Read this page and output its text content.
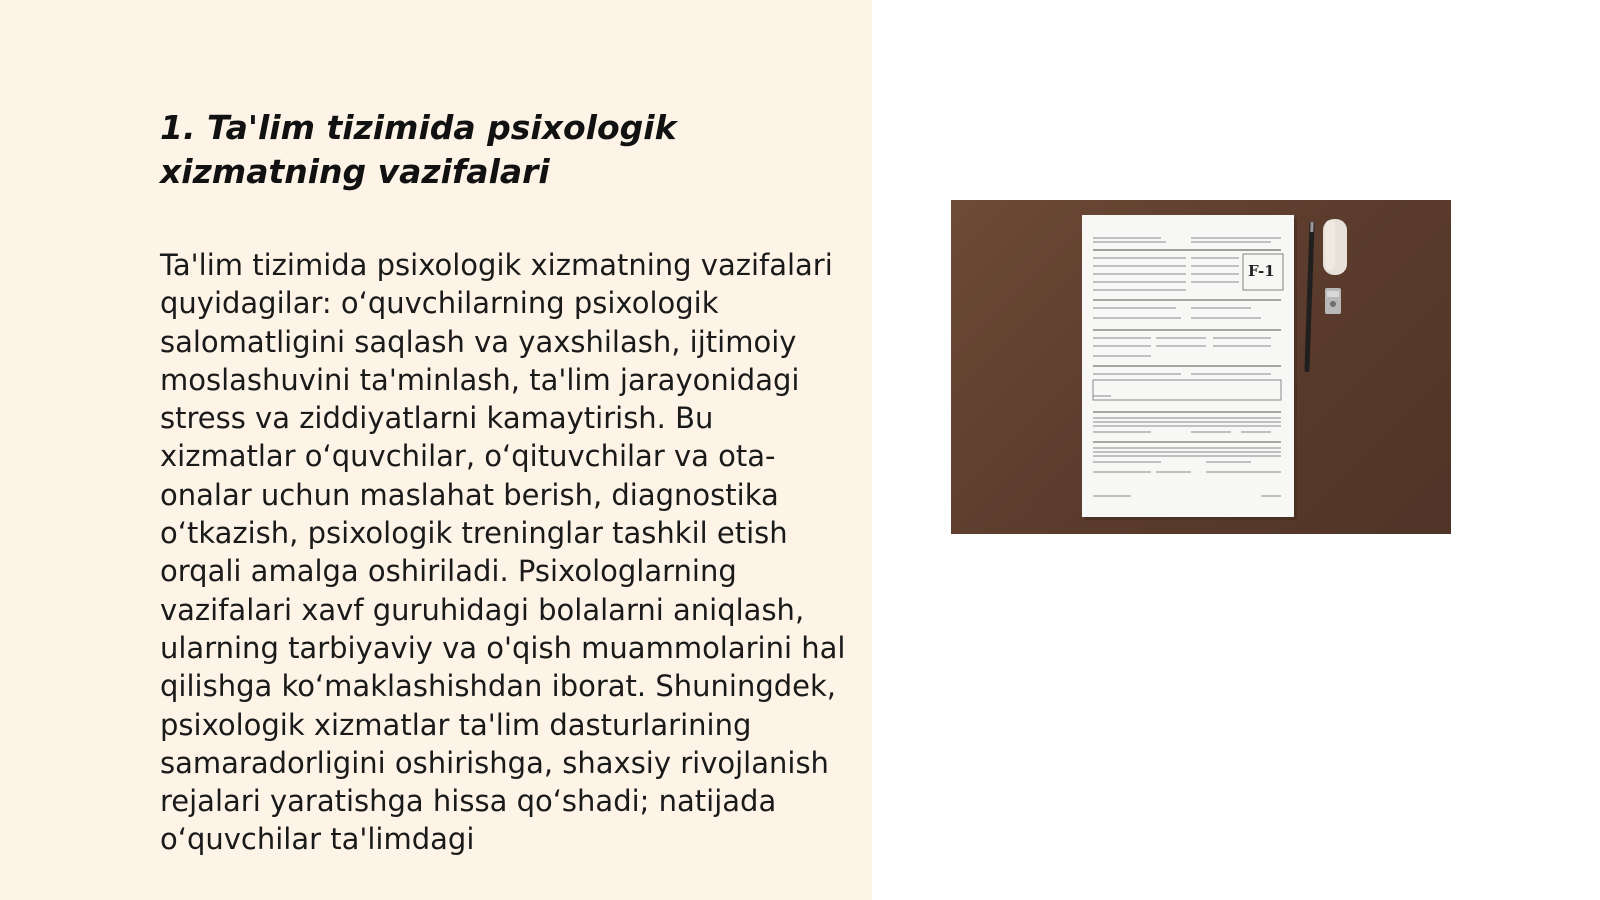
1. Ta'lim tizimida psixologik xizmatning vazifalari

Ta'lim tizimida psixologik xizmatning vazifalari quyidagilar: o‘quvchilarning psixologik salomatligini saqlash va yaxshilash, ijtimoiy moslashuvini ta'minlash, ta'lim jarayonidagi stress va ziddiyatlarni kamaytirish. Bu xizmatlar o‘quvchilar, o‘qituvchilar va ota-onalar uchun maslahat berish, diagnostika o‘tkazish, psixologik treninglar tashkil etish orqali amalga oshiriladi. Psixologlarning vazifalari xavf guruhidagi bolalarni aniqlash, ularning tarbiyaviy va o'qish muammolarini hal qilishga ko‘maklashishdan iborat. Shuningdek, psixologik xizmatlar ta'lim dasturlarining samaradorligini oshirishga, shaxsiy rivojlanish rejalari yaratishga hissa qo‘shadi; natijada o‘quvchilar ta'limdagi

F-1
